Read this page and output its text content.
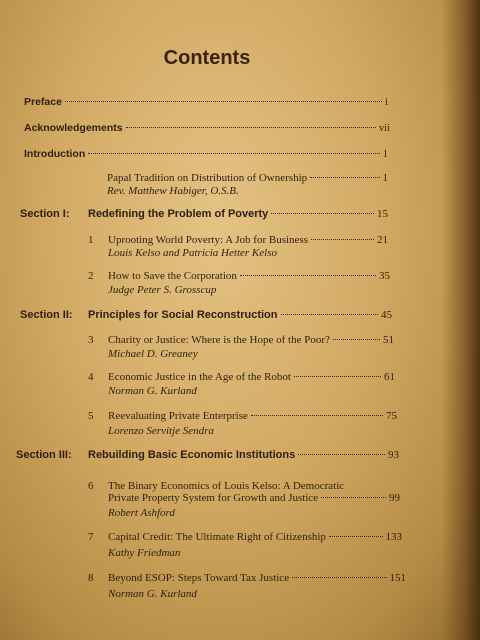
Contents
Preface	i
Acknowledgements	vii
Introduction	1
Papal Tradition on Distribution of Ownership	1
Rev. Matthew Habiger, O.S.B.
Section I:	Redefining the Problem of Poverty	15
1	Uprooting World Poverty: A Job for Business	21
Louis Kelso and Patricia Hetter Kelso
2	How to Save the Corporation	35
Judge Peter S. Grosscup
Section II:	Principles for Social Reconstruction	45
3	Charity or Justice: Where is the Hope of the Poor?	51
Michael D. Greaney
4	Economic Justice in the Age of the Robot	61
Norman G. Kurland
5	Reevaluating Private Enterprise	75
Lorenzo Servitje Sendra
Section III:	Rebuilding Basic Economic Institutions	93
6	The Binary Economics of Louis Kelso: A Democratic
Private Property System for Growth and Justice	99
Robert Ashford
7	Capital Credit: The Ultimate Right of Citizenship	133
Kathy Friedman
8	Beyond ESOP: Steps Toward Tax Justice	151
Norman G. Kurland
